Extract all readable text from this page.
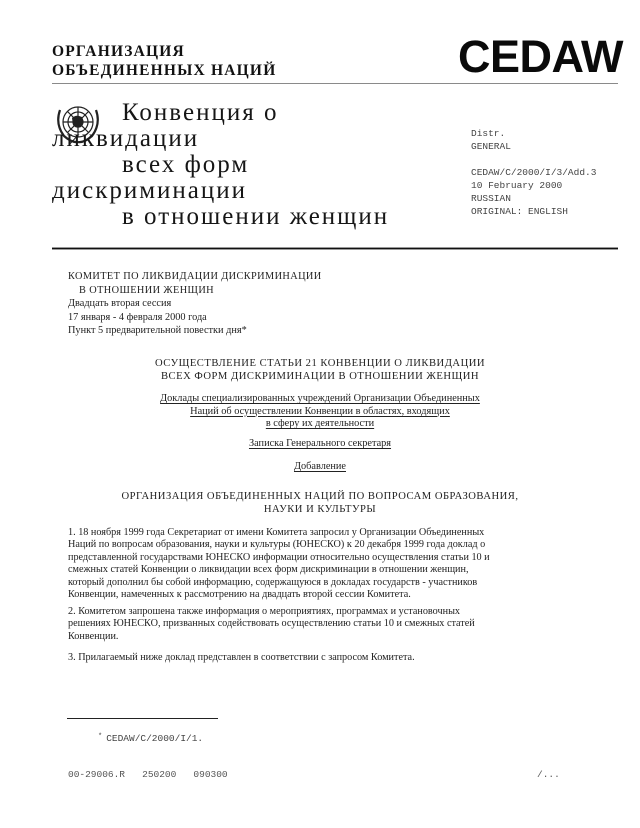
ОРГАНИЗАЦИЯ
ОБЪЕДИНЕННЫХ НАЦИЙ	CEDAW
Конвенция о
ликвидации
всех форм
дискриминации
в отношении женщин
Distr.
GENERAL
CEDAW/C/2000/I/3/Add.3
10 February 2000
RUSSIAN
ORIGINAL: ENGLISH
КОМИТЕТ ПО ЛИКВИДАЦИИ ДИСКРИМИНАЦИИ
В ОТНОШЕНИИ ЖЕНЩИН
Двадцать вторая сессия
17 января - 4 февраля 2000 года
Пункт 5 предварительной повестки дня*
ОСУЩЕСТВЛЕНИЕ СТАТЬИ 21 КОНВЕНЦИИ О ЛИКВИДАЦИИ
ВСЕХ ФОРМ ДИСКРИМИНАЦИИ В ОТНОШЕНИИ ЖЕНЩИН
Доклады специализированных учреждений Организации Объединенных
Наций об осуществлении Конвенции в областях, входящих
в сферу их деятельности
Записка Генерального секретаря
Добавление
ОРГАНИЗАЦИЯ ОБЪЕДИНЕННЫХ НАЦИЙ ПО ВОПРОСАМ ОБРАЗОВАНИЯ,
НАУКИ И КУЛЬТУРЫ
1. 18 ноября 1999 года Секретариат от имени Комитета запросил у Организации Объединенных
Наций по вопросам образования, науки и культуры (ЮНЕСКО) к 20 декабря 1999 года доклад о
представленной государствами ЮНЕСКО информации относительно осуществления статьи 10 и
смежных статей Конвенции о ликвидации всех форм дискриминации в отношении женщин,
который дополнил бы собой информацию, содержащуюся в докладах государств - участников
Конвенции, намеченных к рассмотрению на двадцать второй сессии Комитета.
2. Комитетом запрошена также информация о мероприятиях, программах и установочных
решениях ЮНЕСКО, призванных содействовать осуществлению статьи 10 и смежных статей
Конвенции.
3. Прилагаемый ниже доклад представлен в соответствии с запросом Комитета.
* CEDAW/C/2000/I/1.
00-29006.R   250200   090300	/...
